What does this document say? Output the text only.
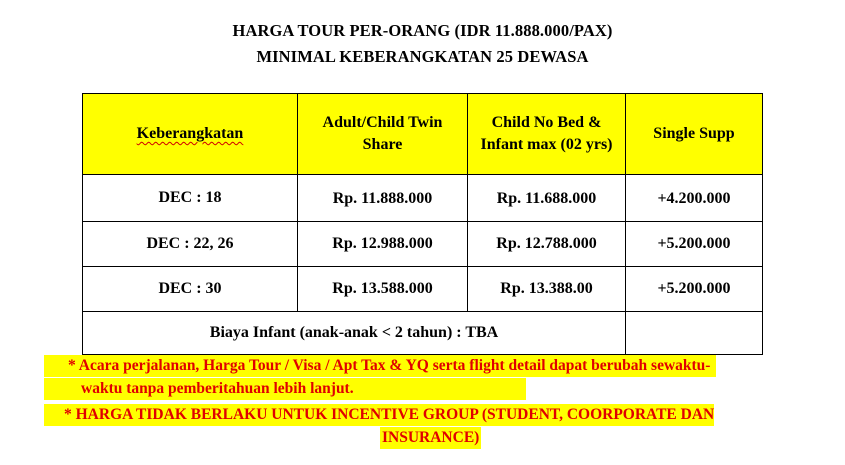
HARGA TOUR PER-ORANG (IDR 11.888.000/PAX)
MINIMAL KEBERANGKATAN 25 DEWASA
Keberangkatan	Adult/Child Twin Share	Child No Bed & Infant max (02 yrs)	Single Supp
DEC : 18	Rp. 11.888.000	Rp. 11.688.000	+4.200.000
DEC : 22, 26	Rp. 12.988.000	Rp. 12.788.000	+5.200.000
DEC : 30	Rp. 13.588.000	Rp. 13.388.00	+5.200.000
Biaya Infant (anak-anak < 2 tahun) : TBA			
* Acara perjalanan, Harga Tour / Visa / Apt Tax & YQ serta flight detail dapat berubah sewaktu-
waktu tanpa pemberitahuan lebih lanjut.
* HARGA TIDAK BERLAKU UNTUK INCENTIVE GROUP (STUDENT, COORPORATE DAN
INSURANCE)
